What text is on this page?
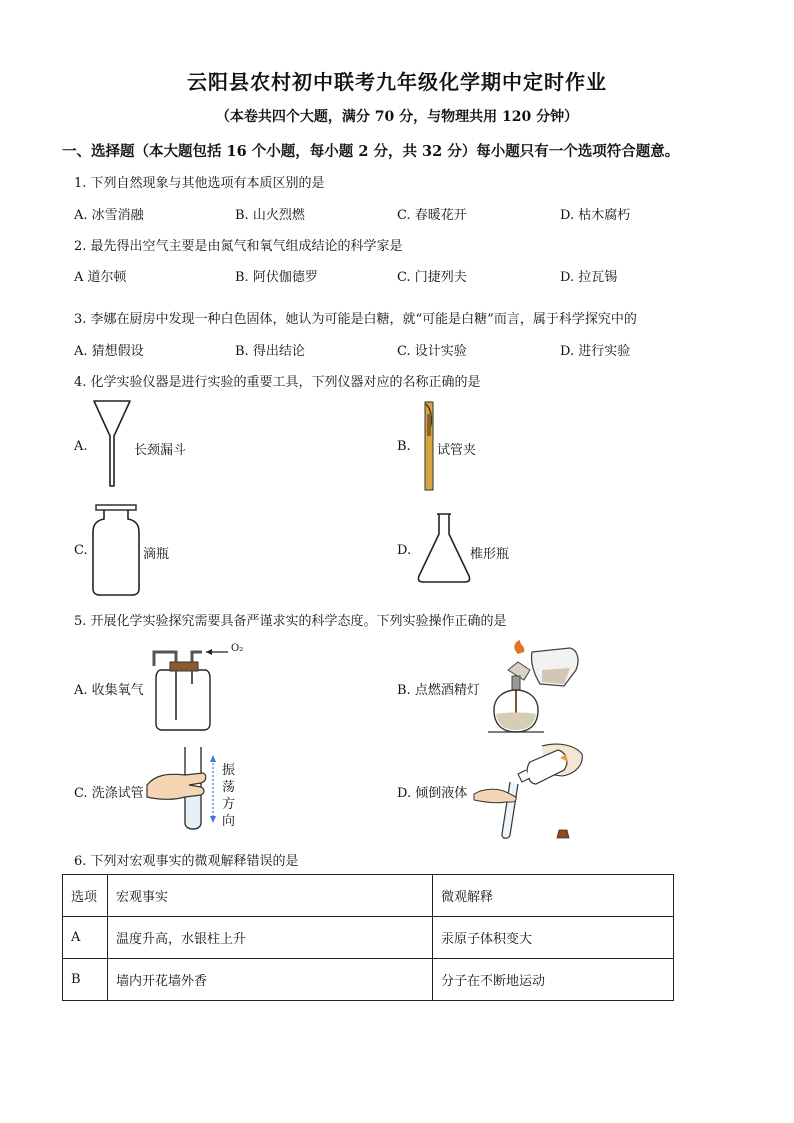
云阳县农村初中联考九年级化学期中定时作业
（本卷共四个大题，满分 70 分，与物理共用 120 分钟）
一、选择题（本大题包括 16 个小题，每小题 2 分，共 32 分）每小题只有一个选项符合题意。
1. 下列自然现象与其他选项有本质区别的是
A. 冰雪消融	B. 山火烈燃	C. 春暖花开	D. 枯木腐朽
2. 最先得出空气主要是由氮气和氧气组成结论的科学家是
A 道尔顿	B. 阿伏伽德罗	C. 门捷列夫	D. 拉瓦锡
3. 李娜在厨房中发现一种白色固体，她认为可能是白糖，就“可能是白糖”而言，属于科学探究中的
A. 猜想假设	B. 得出结论	C. 设计实验	D. 进行实验
4. 化学实验仪器是进行实验的重要工具，下列仪器对应的名称正确的是
A.	长颈漏斗	B. 试管夹
C.	滴瓶	D.	椎形瓶
5. 开展化学实验探究需要具备严谨求实的科学态度。下列实验操作正确的是
A. 收集氧气
O₂
B. 点燃酒精灯
C. 洗涤试管
振
荡
方
向
D. 倾倒液体
6. 下列对宏观事实的微观解释错误的是
选项	宏观事实	微观解释
A	温度升高，水银柱上升	汞原子体积变大
B	墙内开花墙外香	分子在不断地运动
